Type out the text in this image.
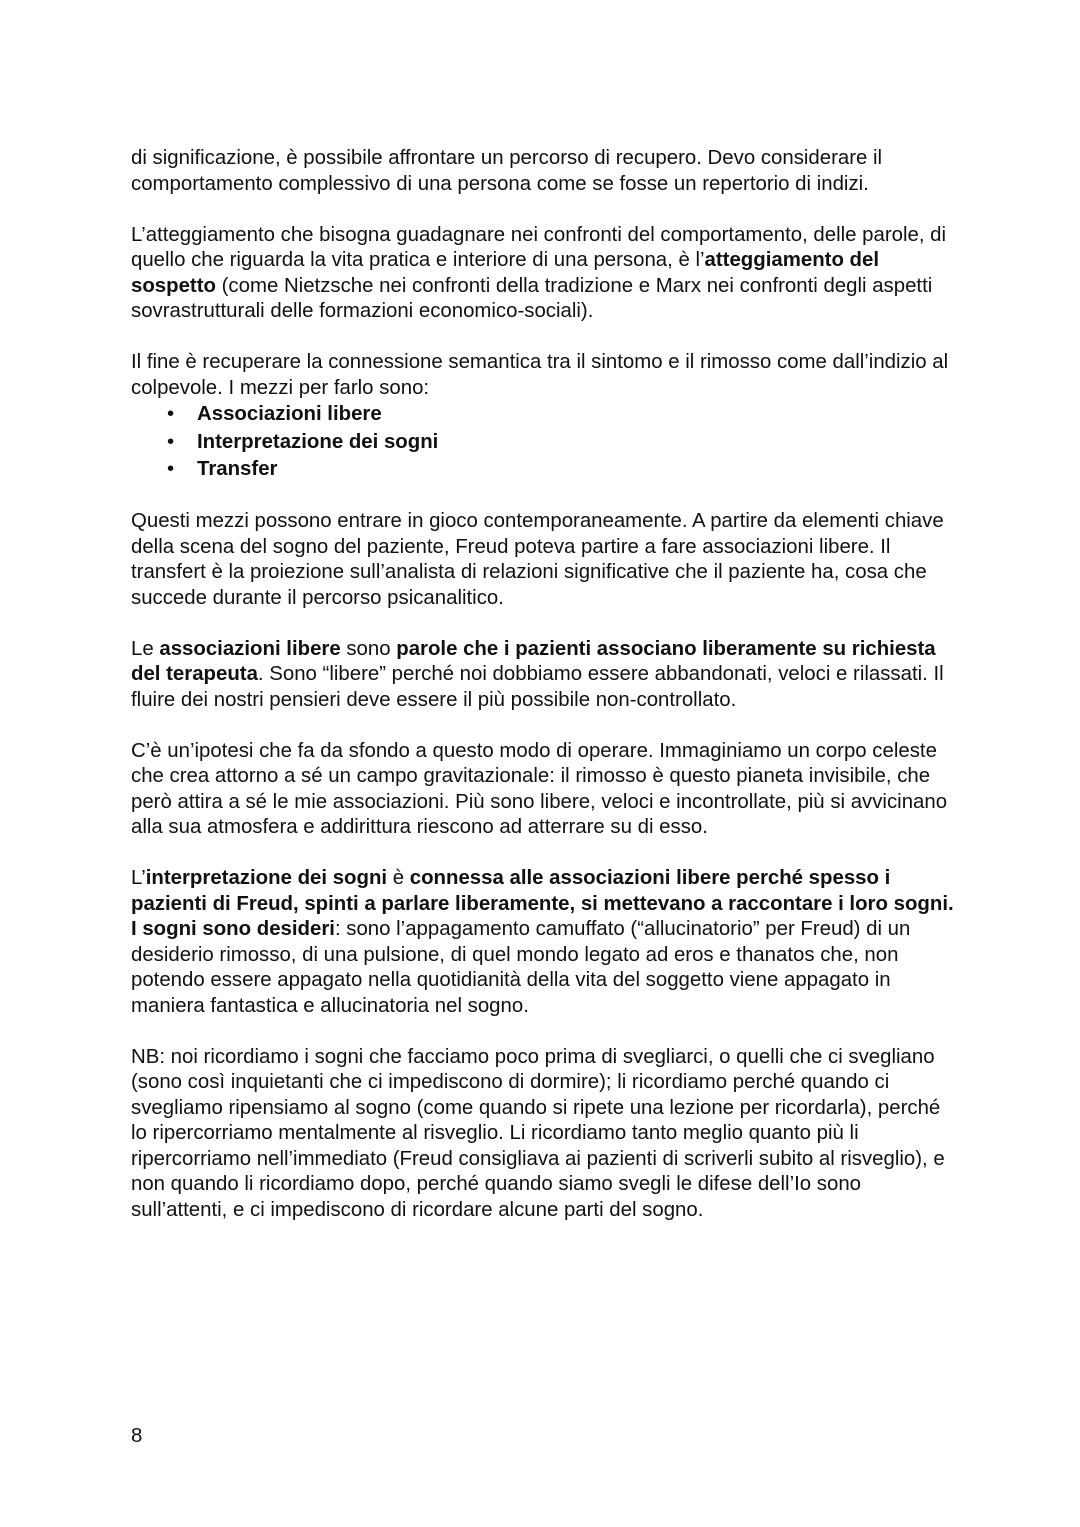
di significazione, è possibile affrontare un percorso di recupero. Devo considerare il comportamento complessivo di una persona come se fosse un repertorio di indizi.

L’atteggiamento che bisogna guadagnare nei confronti del comportamento, delle parole, di quello che riguarda la vita pratica e interiore di una persona, è l’atteggiamento del sospetto (come Nietzsche nei confronti della tradizione e Marx nei confronti degli aspetti sovrastrutturali delle formazioni economico-sociali).

Il fine è recuperare la connessione semantica tra il sintomo e il rimosso come dall’indizio al colpevole. I mezzi per farlo sono:

• Associazioni libere
• Interpretazione dei sogni
• Transfer

Questi mezzi possono entrare in gioco contemporaneamente. A partire da elementi chiave della scena del sogno del paziente, Freud poteva partire a fare associazioni libere. Il transfert è la proiezione sull’analista di relazioni significative che il paziente ha, cosa che succede durante il percorso psicanalitico.

Le associazioni libere sono parole che i pazienti associano liberamente su richiesta del terapeuta. Sono “libere” perché noi dobbiamo essere abbandonati, veloci e rilassati. Il fluire dei nostri pensieri deve essere il più possibile non-controllato.

C’è un’ipotesi che fa da sfondo a questo modo di operare. Immaginiamo un corpo celeste che crea attorno a sé un campo gravitazionale: il rimosso è questo pianeta invisibile, che però attira a sé le mie associazioni. Più sono libere, veloci e incontrollate, più si avvicinano alla sua atmosfera e addirittura riescono ad atterrare su di esso.

L’interpretazione dei sogni è connessa alle associazioni libere perché spesso i pazienti di Freud, spinti a parlare liberamente, si mettevano a raccontare i loro sogni.

I sogni sono desideri: sono l’appagamento camuffato (“allucinatorio” per Freud) di un desiderio rimosso, di una pulsione, di quel mondo legato ad eros e thanatos che, non potendo essere appagato nella quotidianità della vita del soggetto viene appagato in maniera fantastica e allucinatoria nel sogno.

NB: noi ricordiamo i sogni che facciamo poco prima di svegliarci, o quelli che ci svegliano (sono così inquietanti che ci impediscono di dormire); li ricordiamo perché quando ci svegliamo ripensiamo al sogno (come quando si ripete una lezione per ricordarla), perché lo ripercorriamo mentalmente al risveglio. Li ricordiamo tanto meglio quanto più li ripercorriamo nell’immediato (Freud consigliava ai pazienti di scriverli subito al risveglio), e non quando li ricordiamo dopo, perché quando siamo svegli le difese dell’Io sono sull’attenti, e ci impediscono di ricordare alcune parti del sogno.

8
